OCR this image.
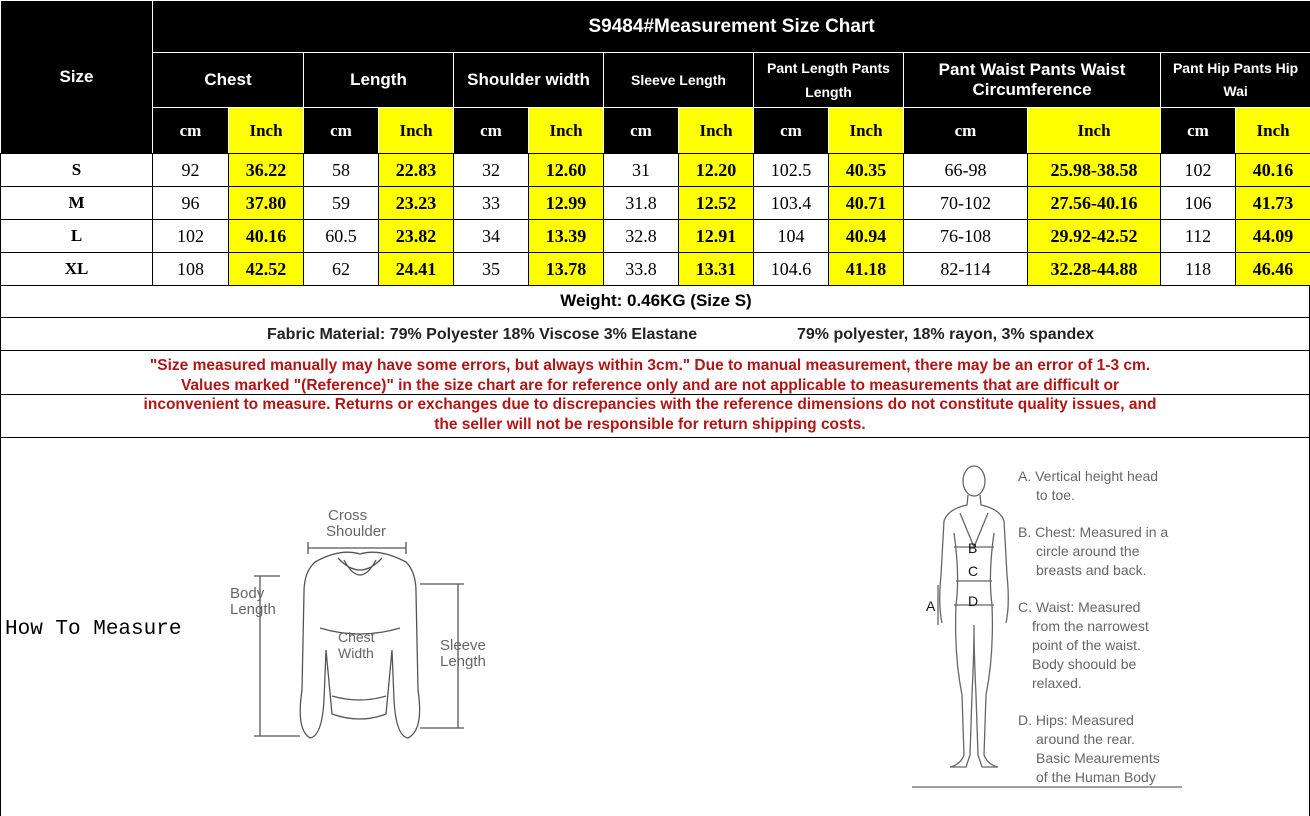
Size	S9484#Measurement Size Chart													
	Chest		Length		Shoulder width		Sleeve Length		Pant Length Pants Length		Pant Waist Pants Waist Circumference		Pant Hip Pants Hip Wai	
	cm	Inch	cm	Inch	cm	Inch	cm	Inch	cm	Inch	cm	Inch	cm	Inch
S	92	36.22	58	22.83	32	12.60	31	12.20	102.5	40.35	66-98	25.98-38.58	102	40.16
M	96	37.80	59	23.23	33	12.99	31.8	12.52	103.4	40.71	70-102	27.56-40.16	106	41.73
L	102	40.16	60.5	23.82	34	13.39	32.8	12.91	104	40.94	76-108	29.92-42.52	112	44.09
XL	108	42.52	62	24.41	35	13.78	33.8	13.31	104.6	41.18	82-114	32.28-44.88	118	46.46
Weight: 0.46KG (Size S)
Fabric Material: 79% Polyester 18% Viscose 3% Elastane	79% polyester, 18% rayon, 3% spandex
"Size measured manually may have some errors, but always within 3cm." Due to manual measurement, there may be an error of 1-3 cm. Values marked "(Reference)" in the size chart are for reference only and are not applicable to measurements that are difficult or inconvenient to measure. Returns or exchanges due to discrepancies with the reference dimensions do not constitute quality issues, and the seller will not be responsible for return shipping costs.
How To Measure
Cross
Shoulder
Body
Length
Chest
Width	Sleeve
Length
B
C
D
A
A. Vertical height head
to toe.
B. Chest: Measured in a
circle around the
breasts and back.
C. Waist: Measured
from the narrowest
point of the waist.
Body shoould be
relaxed.
D. Hips: Measured
around the rear.
Basic Meaurements
of the Human Body
